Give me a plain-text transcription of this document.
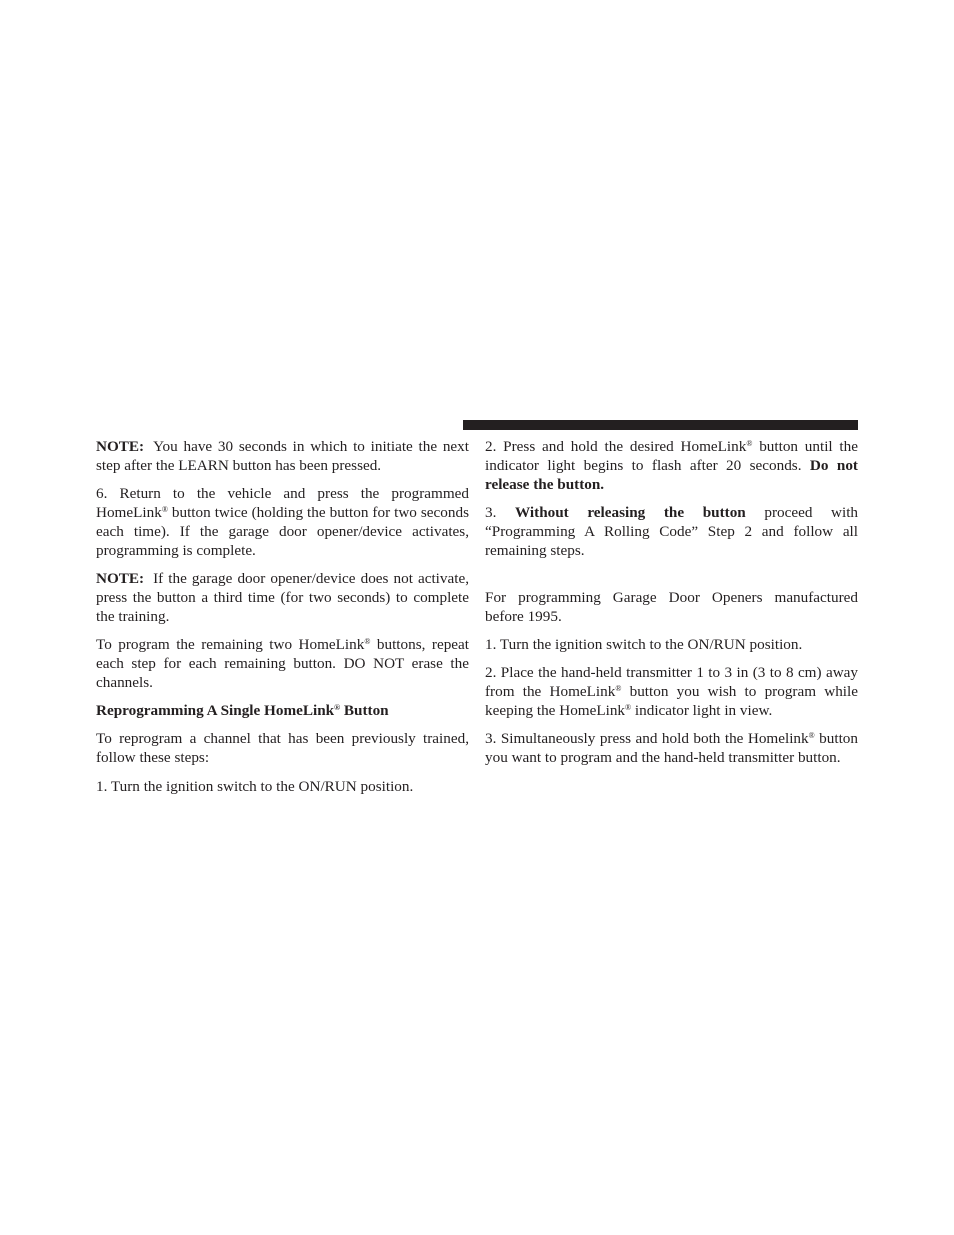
NOTE: You have 30 seconds in which to initiate the next step after the LEARN button has been pressed.

6. Return to the vehicle and press the programmed HomeLink® button twice (holding the button for two seconds each time). If the garage door opener/device activates, programming is complete.

NOTE: If the garage door opener/device does not activate, press the button a third time (for two seconds) to complete the training.

To program the remaining two HomeLink® buttons, repeat each step for each remaining button. DO NOT erase the channels.

Reprogramming A Single HomeLink® Button

To reprogram a channel that has been previously trained, follow these steps:

1. Turn the ignition switch to the ON/RUN position.

2. Press and hold the desired HomeLink® button until the indicator light begins to flash after 20 seconds. Do not release the button.

3. Without releasing the button proceed with “Programming A Rolling Code” Step 2 and follow all remaining steps.

For programming Garage Door Openers manufactured before 1995.

1. Turn the ignition switch to the ON/RUN position.

2. Place the hand-held transmitter 1 to 3 in (3 to 8 cm) away from the HomeLink® button you wish to program while keeping the HomeLink® indicator light in view.

3. Simultaneously press and hold both the Homelink® button you want to program and the hand-held transmitter button.
